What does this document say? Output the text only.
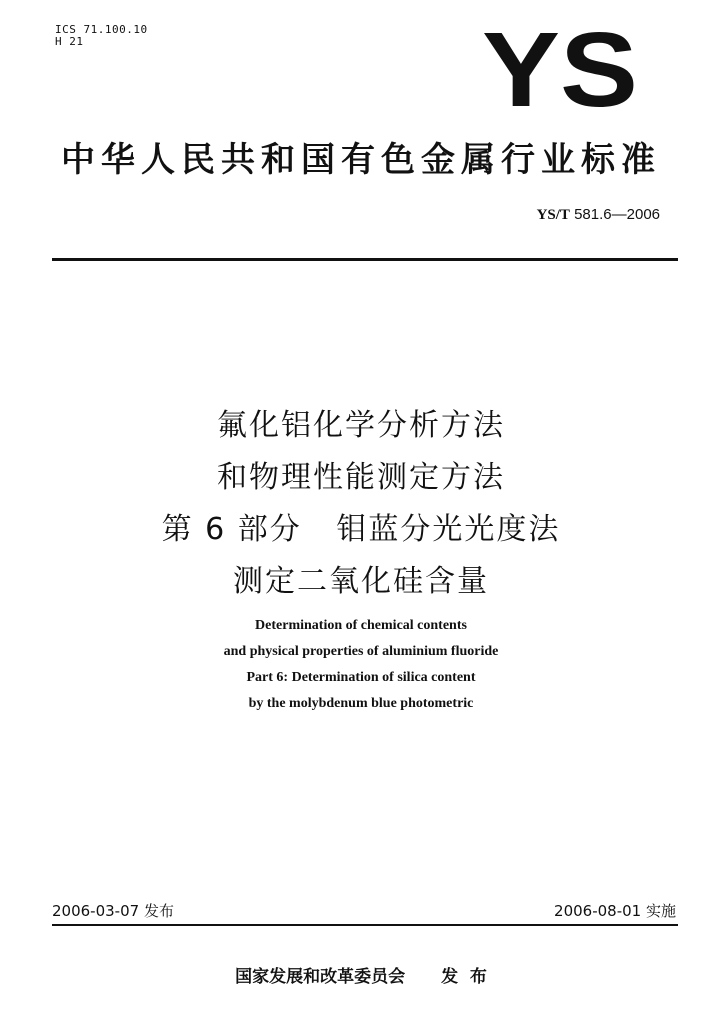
ICS 71.100.10
H 21	YS
中华人民共和国有色金属行业标准
YS/T 581.6—2006
氟化铝化学分析方法
和物理性能测定方法
第 6 部分   钼蓝分光光度法
测定二氧化硅含量
Determination of chemical contents
and physical properties of aluminium fluoride
Part 6: Determination of silica content
by the molybdenum blue photometric
2006-03-07 发布	2006-08-01 实施
国家发展和改革委员会 发  布
